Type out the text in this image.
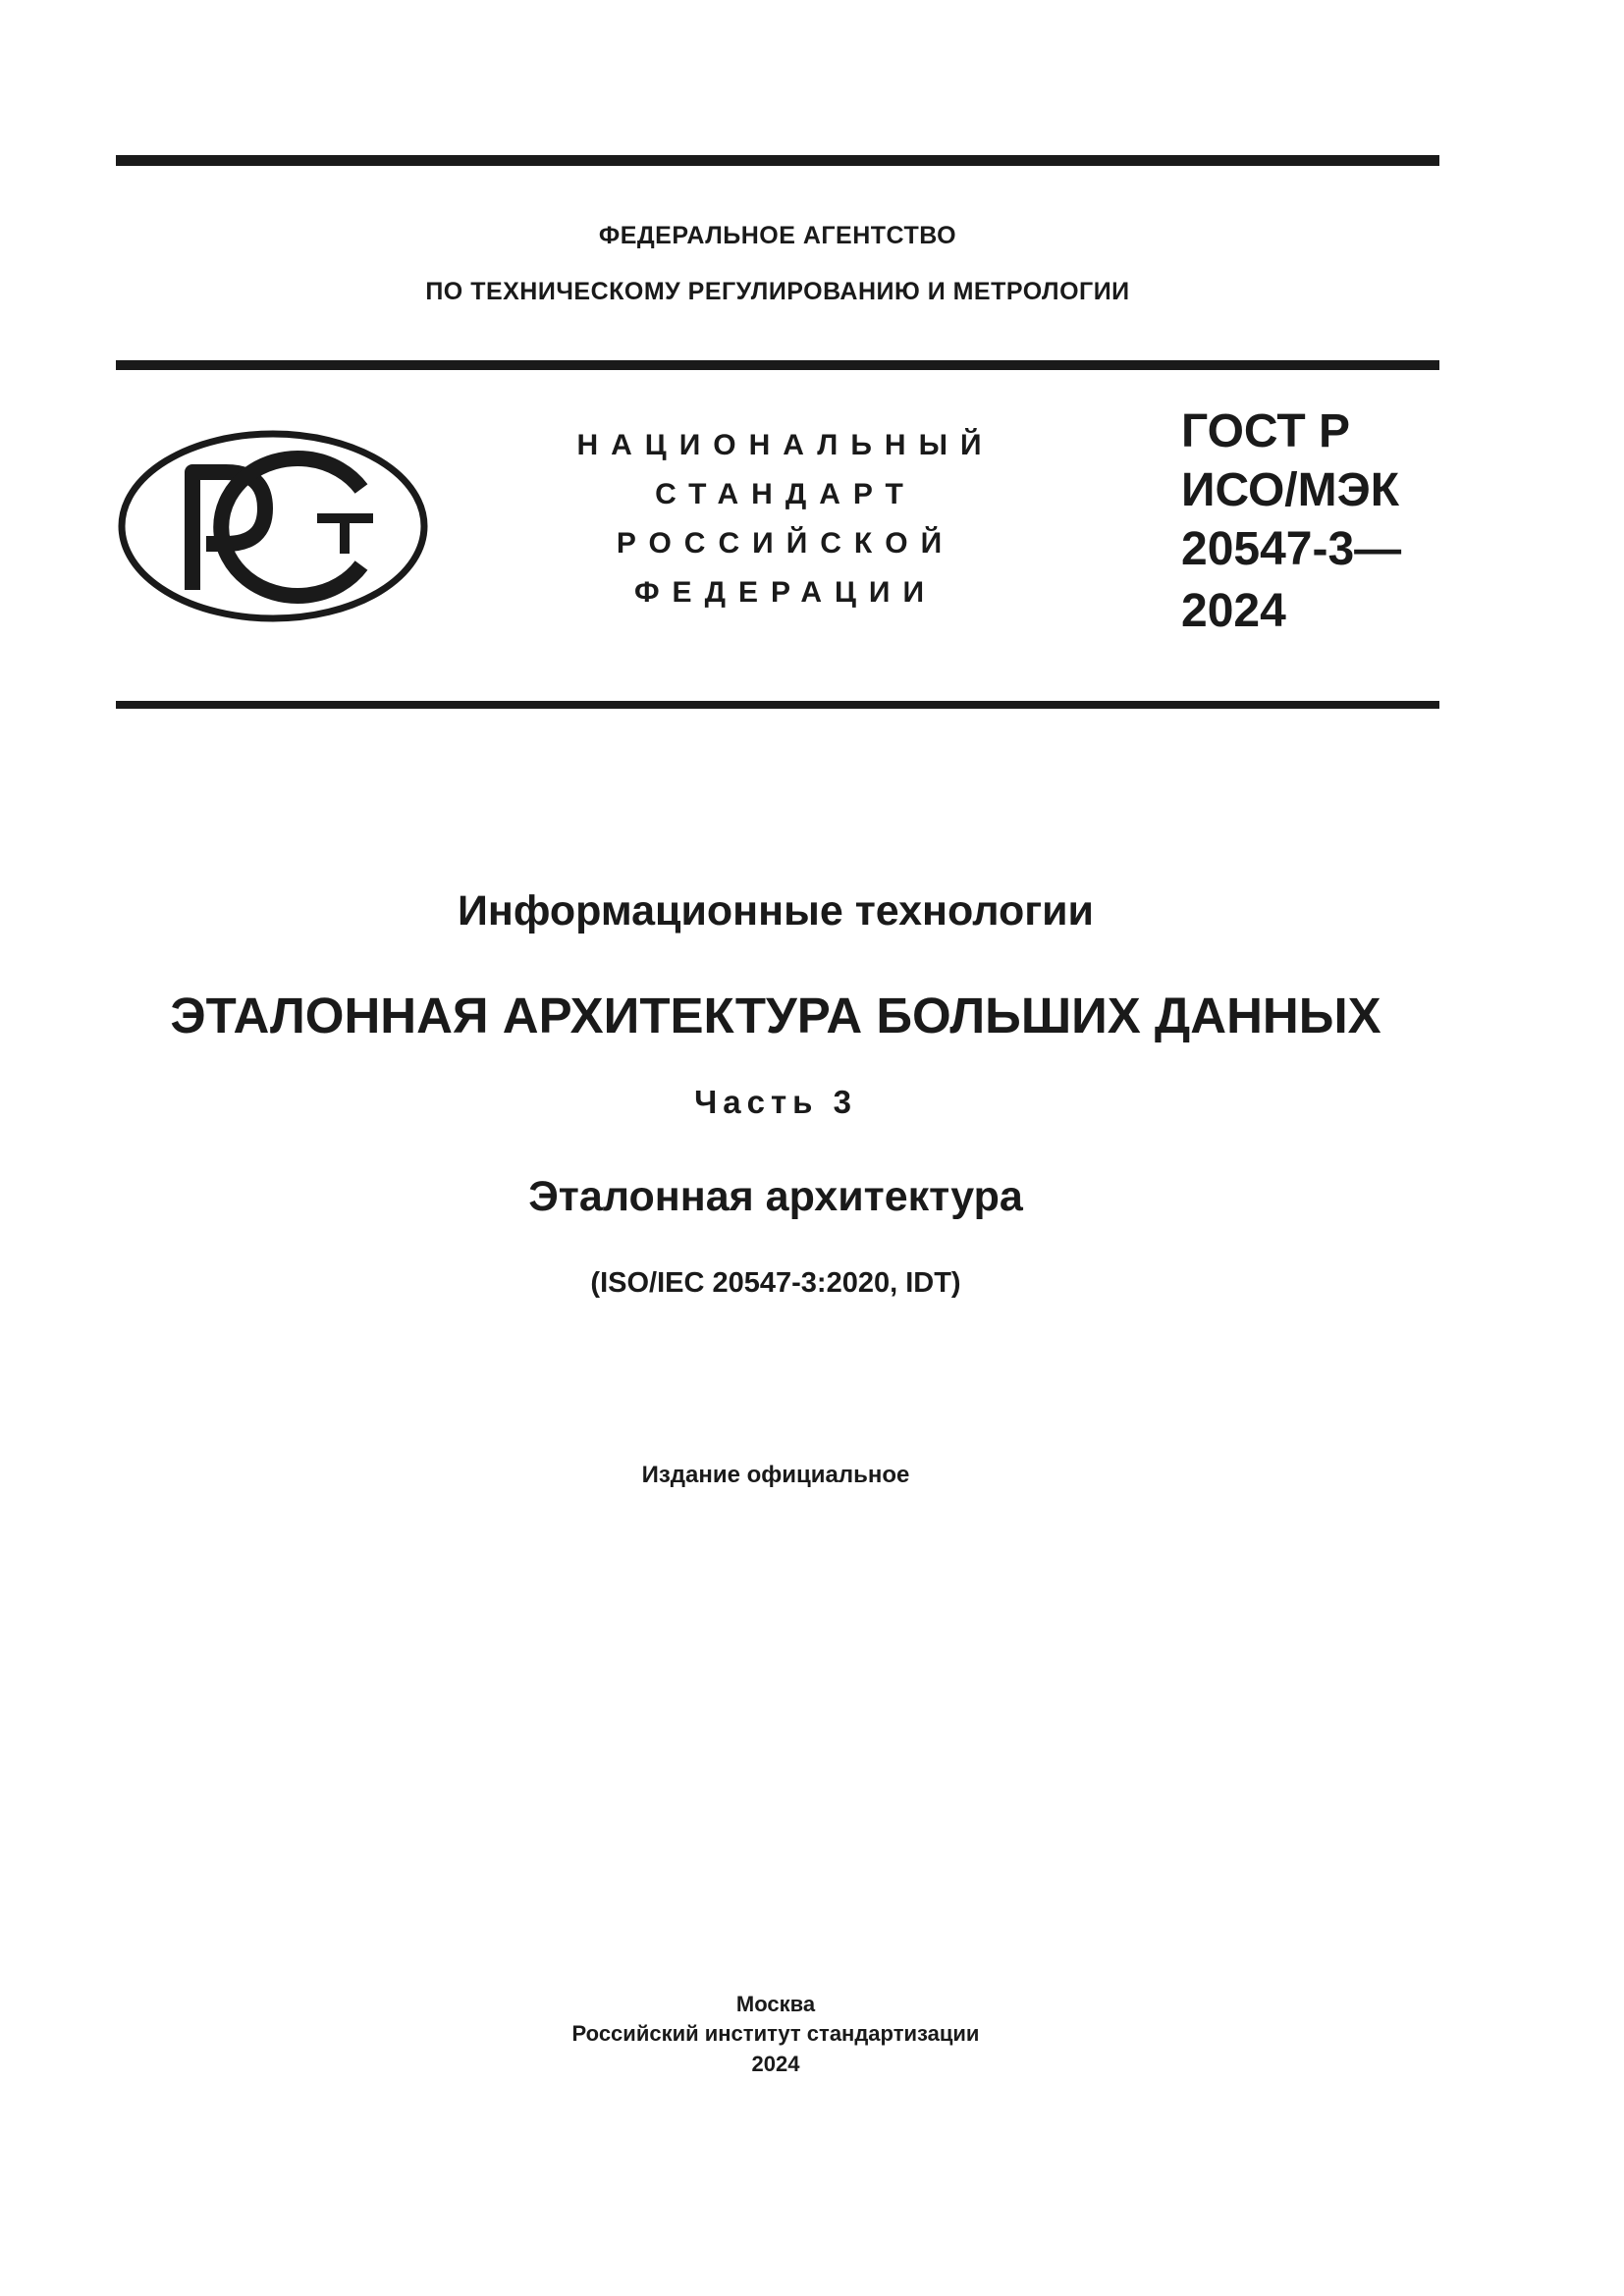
ФЕДЕРАЛЬНОЕ АГЕНТСТВО
ПО ТЕХНИЧЕСКОМУ РЕГУЛИРОВАНИЮ И МЕТРОЛОГИИ
НАЦИОНАЛЬНЫЙ
СТАНДАРТ
РОССИЙСКОЙ
ФЕДЕРАЦИИ
ГОСТ Р
ИСО/МЭК
20547-3—
2024
Информационные технологии
ЭТАЛОННАЯ АРХИТЕКТУРА БОЛЬШИХ ДАННЫХ
Часть 3
Эталонная архитектура
(ISO/IEC 20547-3:2020, IDT)
Издание официальное
Москва
Российский институт стандартизации
2024
